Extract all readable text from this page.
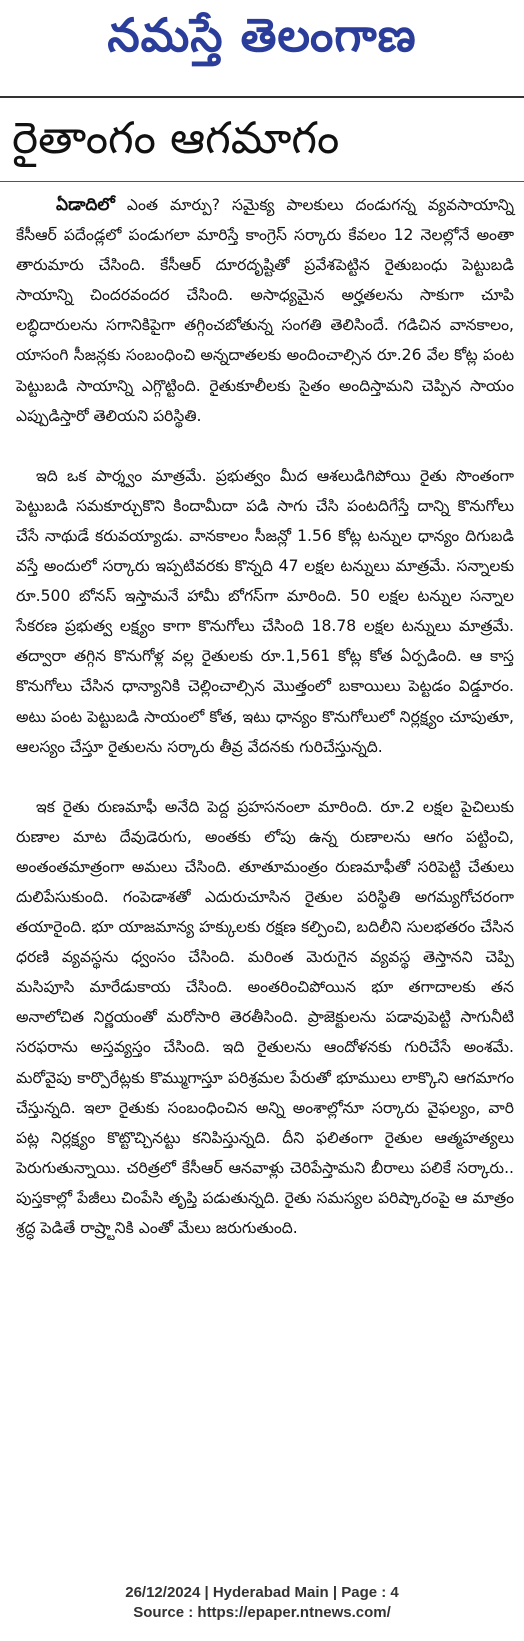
నమస్తే తెలంగాణ
రైతాంగం ఆగమాగం

ఏడాదిలో ఎంత మార్పు? సమైక్య పాలకులు దండుగన్న వ్యవసాయాన్ని కేసీఆర్ పదేండ్లలో పండుగలా మారిస్తే కాంగ్రెస్ సర్కారు కేవలం 12 నెలల్లోనే అంతా తారుమారు చేసింది. కేసీఆర్ దూరదృష్టితో ప్రవేశపెట్టిన రైతుబంధు పెట్టుబడి సాయాన్ని చిందరవందర చేసింది. అసాధ్యమైన అర్హతలను సాకుగా చూపి లబ్ధిదారులను సగానికిపైగా తగ్గించబోతున్న సంగతి తెలిసిందే. గడిచిన వానకాలం, యాసంగి సీజన్లకు సంబంధించి అన్నదాతలకు అందించాల్సిన రూ.26 వేల కోట్ల పంట పెట్టుబడి సాయాన్ని ఎగ్గొట్టింది. రైతుకూలీలకు సైతం అందిస్తామని చెప్పిన సాయం ఎప్పుడిస్తారో తెలియని పరిస్థితి.

ఇది ఒక పార్శ్వం మాత్రమే. ప్రభుత్వం మీద ఆశలుడిగిపోయి రైతు సొంతంగా పెట్టుబడి సమకూర్చుకొని కిందామీదా పడి సాగు చేసి పంటదిగేస్తే దాన్ని కొనుగోలు చేసే నాథుడే కరువయ్యాడు. వానకాలం సీజన్లో 1.56 కోట్ల టన్నుల ధాన్యం దిగుబడి వస్తే అందులో సర్కారు ఇప్పటివరకు కొన్నది 47 లక్షల టన్నులు మాత్రమే. సన్నాలకు రూ.500 బోనస్ ఇస్తామనే హామీ బోగస్‌గా మారింది. 50 లక్షల టన్నుల సన్నాల సేకరణ ప్రభుత్వ లక్ష్యం కాగా కొనుగోలు చేసింది 18.78 లక్షల టన్నులు మాత్రమే. తద్వారా తగ్గిన కొనుగోళ్ల వల్ల రైతులకు రూ.1,561 కోట్ల కోత ఏర్పడింది. ఆ కాస్త కొనుగోలు చేసిన ధాన్యానికి చెల్లించాల్సిన మొత్తంలో బకాయిలు పెట్టడం విడ్డూరం. అటు పంట పెట్టుబడి సాయంలో కోత, ఇటు ధాన్యం కొనుగోలులో నిర్లక్ష్యం చూపుతూ, ఆలస్యం చేస్తూ రైతులను సర్కారు తీవ్ర వేదనకు గురిచేస్తున్నది.

ఇక రైతు రుణమాఫీ అనేది పెద్ద ప్రహసనంలా మారింది. రూ.2 లక్షల పైచిలుకు రుణాల మాట దేవుడెరుగు, అంతకు లోపు ఉన్న రుణాలను ఆగం పట్టించి, అంతంతమాత్రంగా అమలు చేసింది. తూతూమంత్రం రుణమాఫీతో సరిపెట్టి చేతులు దులిపేసుకుంది. గంపెడాశతో ఎదురుచూసిన రైతుల పరిస్థితి అగమ్యగోచరంగా తయారైంది. భూ యాజమాన్య హక్కులకు రక్షణ కల్పించి, బదిలీని సులభతరం చేసిన ధరణి వ్యవస్థను ధ్వంసం చేసింది. మరింత మెరుగైన వ్యవస్థ తెస్తానని చెప్పి మసిపూసి మారేడుకాయ చేసింది. అంతరించిపోయిన భూ తగాదాలకు తన అనాలోచిత నిర్ణయంతో మరోసారి తెరతీసింది. ప్రాజెక్టులను పడావుపెట్టి సాగునీటి సరఫరాను అస్తవ్యస్తం చేసింది. ఇది రైతులను ఆందోళనకు గురిచేసే అంశమే. మరోవైపు కార్పొరేట్లకు కొమ్ముగాస్తూ పరిశ్రమల పేరుతో భూములు లాక్కొని ఆగమాగం చేస్తున్నది. ఇలా రైతుకు సంబంధించిన అన్ని అంశాల్లోనూ సర్కారు వైఫల్యం, వారి పట్ల నిర్లక్ష్యం కొట్టొచ్చినట్టు కనిపిస్తున్నది. దీని ఫలితంగా రైతుల ఆత్మహత్యలు పెరుగుతున్నాయి. చరిత్రలో కేసీఆర్ ఆనవాళ్లు చెరిపేస్తామని బీరాలు పలికే సర్కారు.. పుస్తకాల్లో పేజీలు చింపేసి తృప్తి పడుతున్నది. రైతు సమస్యల పరిష్కారంపై ఆ మాత్రం శ్రద్ధ పెడితే రాష్ర్టానికి ఎంతో మేలు జరుగుతుంది.

26/12/2024 | Hyderabad Main | Page : 4
Source : https://epaper.ntnews.com/
